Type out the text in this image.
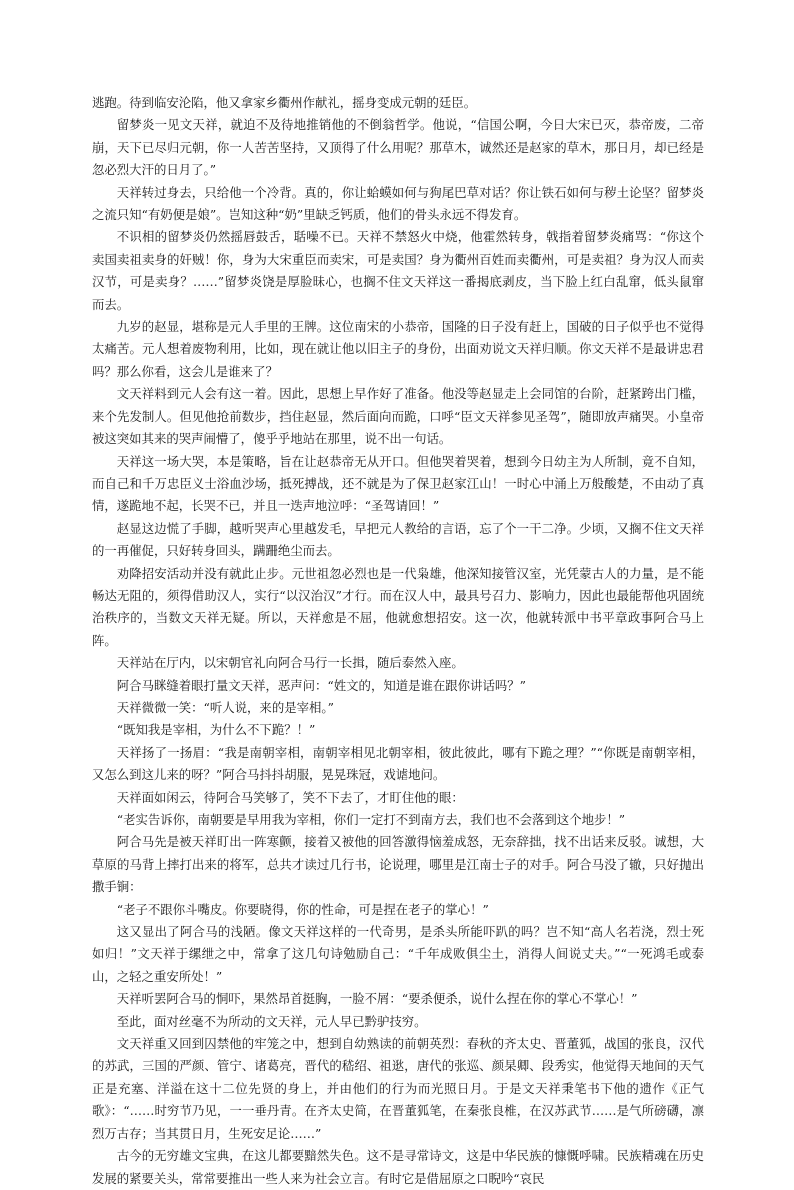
逃跑。待到临安沦陷，他又拿家乡衢州作献礼，摇身变成元朝的廷臣。

留梦炎一见文天祥，就迫不及待地推销他的不倒翁哲学。他说，“信国公啊，今日大宋已灭，恭帝废，二帝崩，天下已尽归元朝，你一人苦苦坚持，又顶得了什么用呢？那草木，诚然还是赵家的草木，那日月，却已经是忽必烈大汗的日月了。”

天祥转过身去，只给他一个冷背。真的，你让蛤蟆如何与狗尾巴草对话？你让铁石如何与秽土论坚？留梦炎之流只知“有奶便是娘”。岂知这种“奶”里缺乏钙质，他们的骨头永远不得发育。

不识相的留梦炎仍然摇唇鼓舌，聒噪不已。天祥不禁怒火中烧，他霍然转身，戟指着留梦炎痛骂：“你这个卖国卖祖卖身的奸贼！你，身为大宋重臣而卖宋，可是卖国？身为衢州百姓而卖衢州，可是卖祖？身为汉人而卖汉节，可是卖身？……”留梦炎饶是厚脸昧心，也搁不住文天祥这一番揭底剥皮，当下脸上红白乱窜，低头鼠窜而去。

九岁的赵显，堪称是元人手里的王牌。这位南宋的小恭帝，国隆的日子没有赶上，国破的日子似乎也不觉得太痛苦。元人想着废物利用，比如，现在就让他以旧主子的身份，出面劝说文天祥归顺。你文天祥不是最讲忠君吗？那么你看，这会儿是谁来了？

文天祥料到元人会有这一着。因此，思想上早作好了准备。他没等赵显走上会同馆的台阶，赶紧跨出门槛，来个先发制人。但见他抢前数步，挡住赵显，然后面向而跪，口呼“臣文天祥参见圣驾”，随即放声痛哭。小皇帝被这突如其来的哭声闹懵了，傻乎乎地站在那里，说不出一句话。

天祥这一场大哭，本是策略，旨在让赵恭帝无从开口。但他哭着哭着，想到今日幼主为人所制，竟不自知，而自己和千万忠臣义士浴血沙场，抵死搏战，还不就是为了保卫赵家江山！一时心中涌上万般酸楚，不由动了真情，遂跪地不起，长哭不已，并且一迭声地泣呼：“圣驾请回！”

赵显这边慌了手脚，越听哭声心里越发毛，早把元人教给的言语，忘了个一干二净。少顷，又搁不住文天祥的一再催促，只好转身回头，蹒跚绝尘而去。

劝降招安活动并没有就此止步。元世祖忽必烈也是一代枭雄，他深知接管汉室，光凭蒙古人的力量，是不能畅达无阻的，须得借助汉人，实行“以汉治汉”才行。而在汉人中，最具号召力、影响力，因此也最能帮他巩固统治秩序的，当数文天祥无疑。所以，天祥愈是不屈，他就愈想招安。这一次，他就转派中书平章政事阿合马上阵。

天祥站在厅内，以宋朝官礼向阿合马行一长揖，随后泰然入座。

阿合马眯缝着眼打量文天祥，恶声问：“姓文的，知道是谁在跟你讲话吗？”

天祥微微一笑：“听人说，来的是宰相。”

“既知我是宰相，为什么不下跪？！”

天祥扬了一扬眉：“我是南朝宰相，南朝宰相见北朝宰相，彼此彼此，哪有下跪之理？”“你既是南朝宰相，又怎么到这儿来的呀？”阿合马抖抖胡服，晃晃珠冠，戏谑地问。

天祥面如闲云，待阿合马笑够了，笑不下去了，才盯住他的眼：

“老实告诉你，南朝要是早用我为宰相，你们一定打不到南方去，我们也不会落到这个地步！”

阿合马先是被天祥盯出一阵寒颤，接着又被他的回答激得恼羞成怒，无奈辞拙，找不出话来反驳。诚想，大草原的马背上摔打出来的将军，总共才读过几行书，论说理，哪里是江南士子的对手。阿合马没了辙，只好抛出撒手锏：

“老子不跟你斗嘴皮。你要晓得，你的性命，可是捏在老子的掌心！”

这又显出了阿合马的浅陋。像文天祥这样的一代奇男，是杀头所能吓趴的吗？岂不知“高人名若浇，烈士死如归！”文天祥于缧绁之中，常拿了这几句诗勉励自己：“千年成败俱尘土，消得人间说丈夫。”“一死鸿毛或泰山，之轻之重安所处！”

天祥听罢阿合马的恫吓，果然昂首挺胸，一脸不屑：“要杀便杀，说什么捏在你的掌心不掌心！”

至此，面对丝毫不为所动的文天祥，元人早已黔驴技穷。

文天祥重又回到囚禁他的牢笼之中，想到自幼熟读的前朝英烈：春秋的齐太史、晋董狐，战国的张良，汉代的苏武，三国的严颜、管宁、诸葛亮，晋代的嵇绍、祖逖，唐代的张巡、颜杲卿、段秀实，他觉得天地间的天气正是充塞、洋溢在这十二位先贤的身上，并由他们的行为而光照日月。于是文天祥秉笔书下他的遗作《正气歌》：“……时穷节乃见，一一垂丹青。在齐太史简，在晋董狐笔，在秦张良椎，在汉苏武节……是气所磅礴，凛烈万古存；当其贯日月，生死安足论……”

古今的无穷雄文宝典，在这儿都要黯然失色。这不是寻常诗文，这是中华民族的慷慨呼啸。民族精魂在历史发展的紧要关头，常常要推出一些人来为社会立言。有时它是借屈原之口睨吟“哀民
